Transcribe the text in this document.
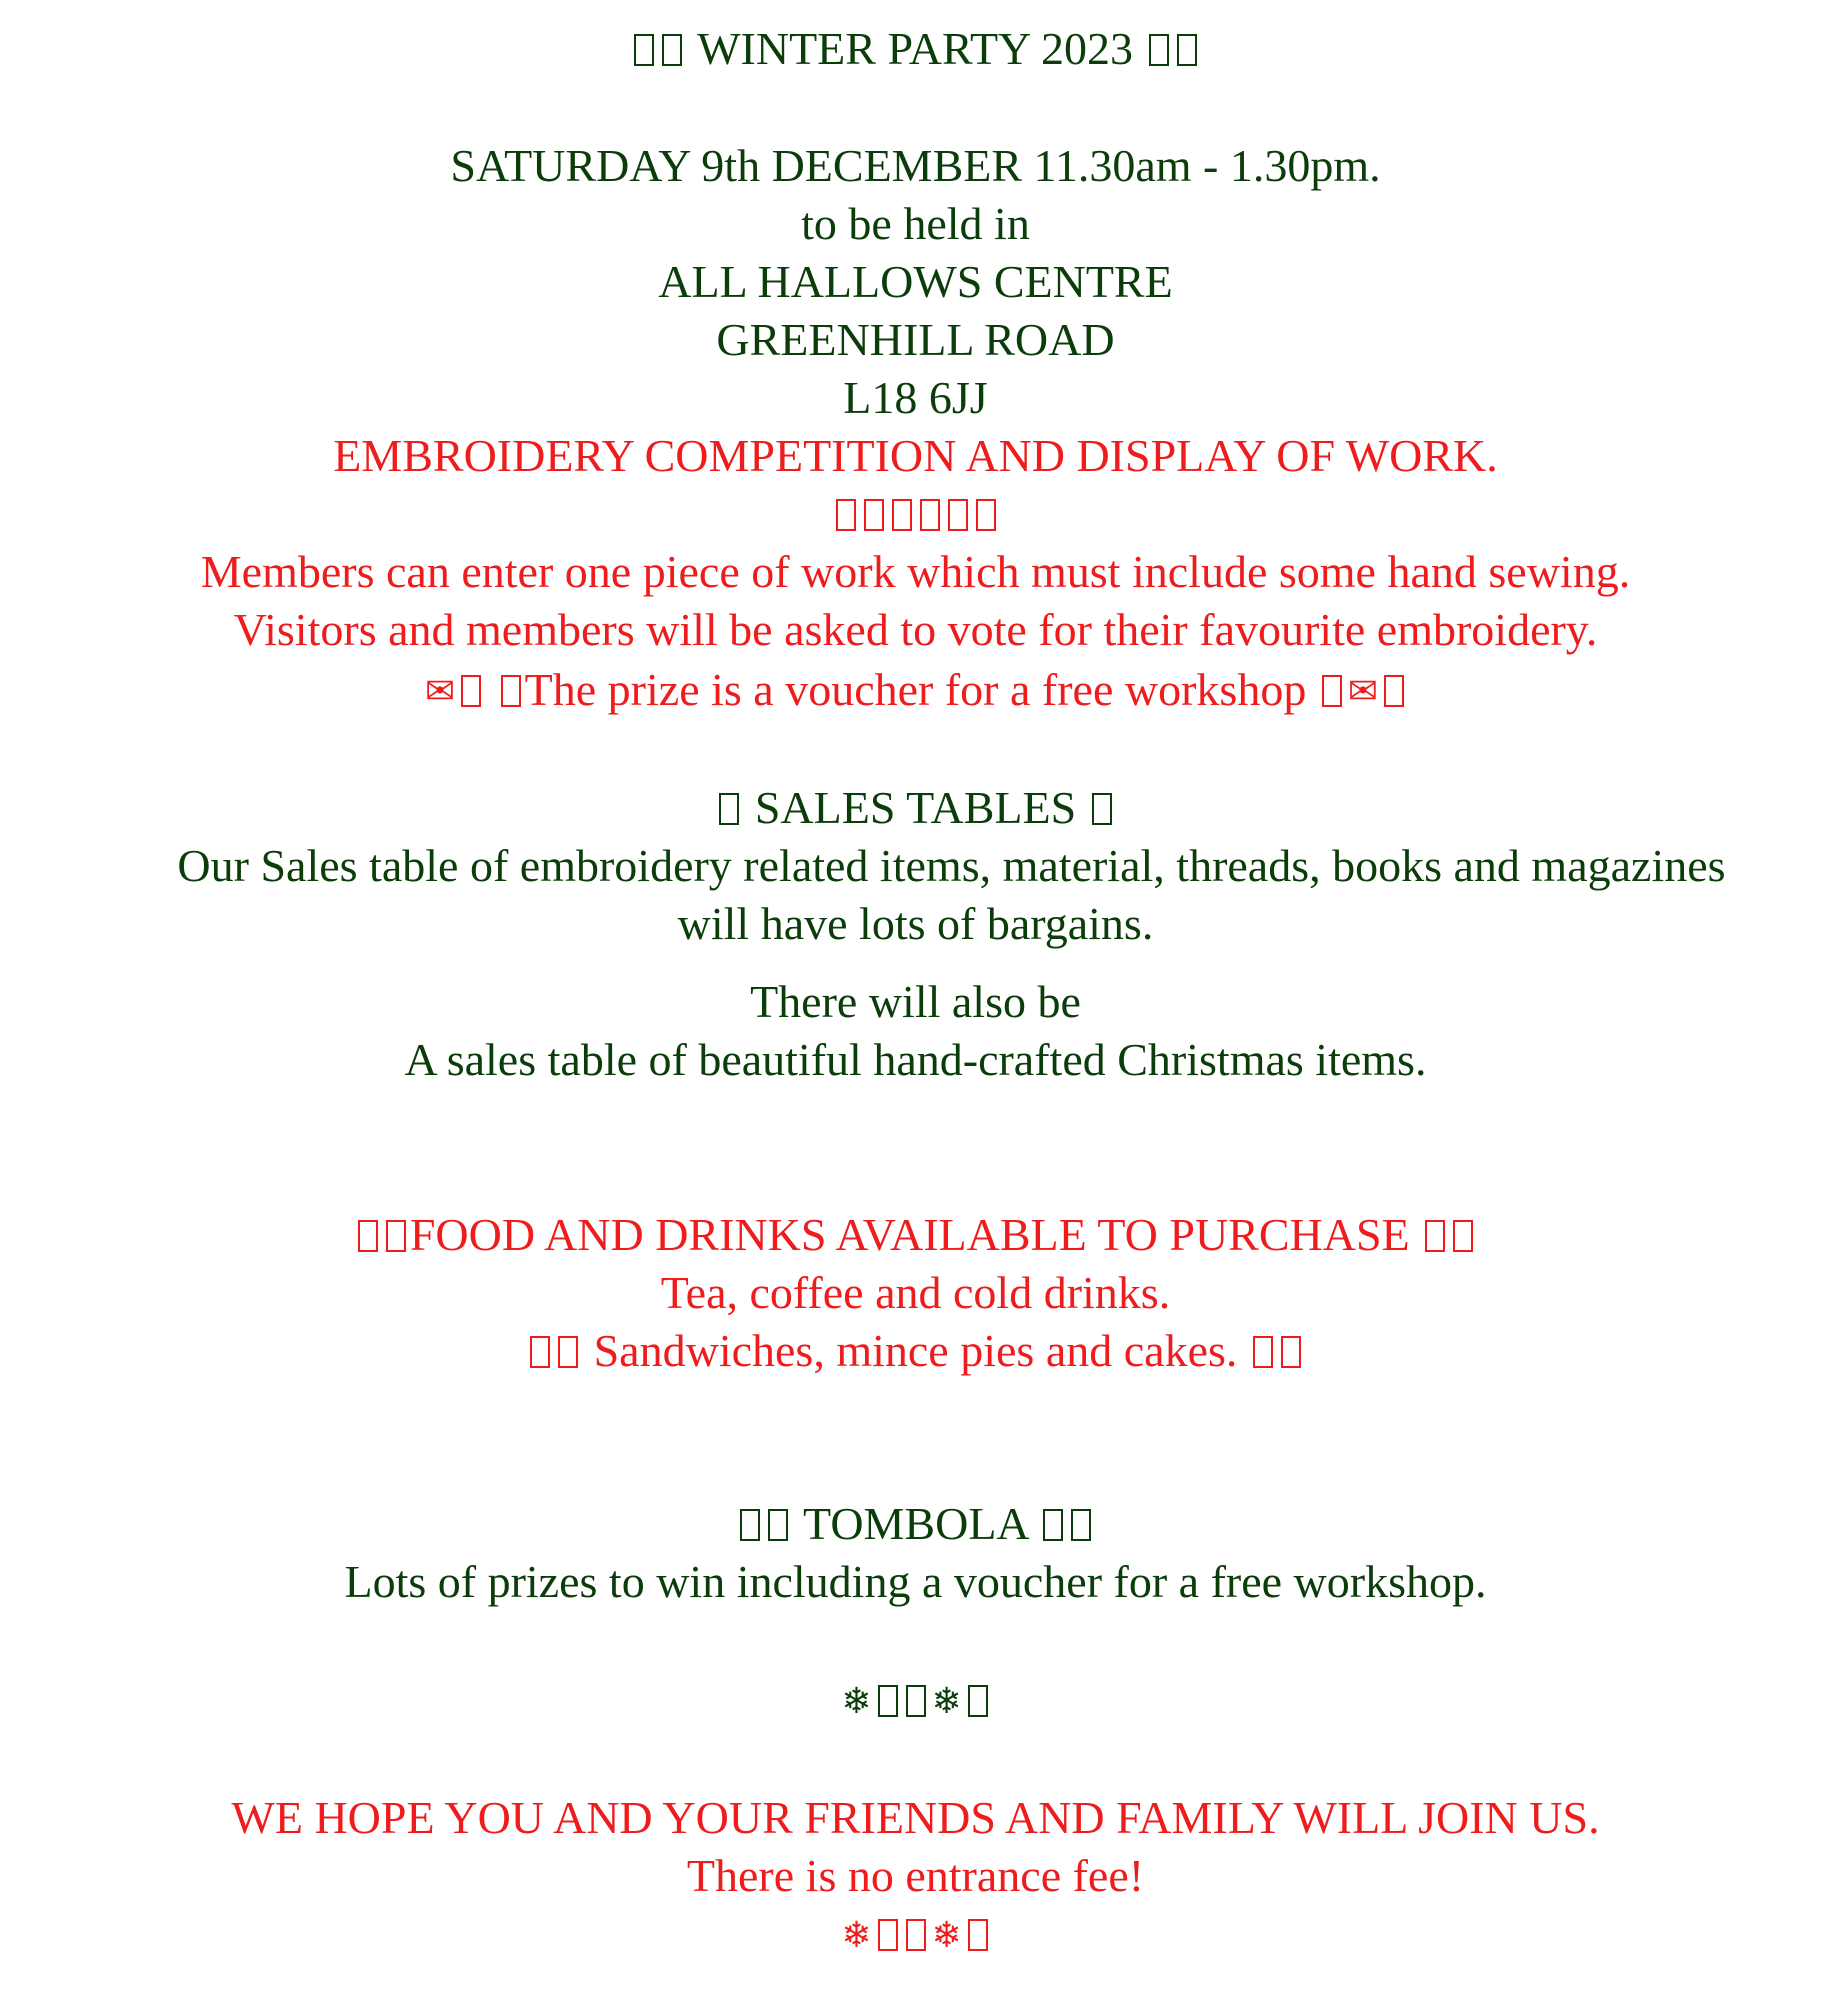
WINTER PARTY 2023
SATURDAY 9th DECEMBER 11.30am - 1.30pm.
to be held in
ALL HALLOWS CENTRE
GREENHILL ROAD
L18 6JJ
EMBROIDERY COMPETITION AND DISPLAY OF WORK.
Members can enter one piece of work which must include some hand sewing.
Visitors and members will be asked to vote for their favourite embroidery.
✉ The prize is a voucher for a free workshop ✉
SALES TABLES
Our Sales table of embroidery related items, material, threads, books and magazines
will have lots of bargains.
There will also be
A sales table of beautiful hand-crafted Christmas items.
FOOD AND DRINKS AVAILABLE TO PURCHASE
Tea, coffee and cold drinks.
Sandwiches, mince pies and cakes.
TOMBOLA
Lots of prizes to win including a voucher for a free workshop.
❄ ❄
WE HOPE YOU AND YOUR FRIENDS AND FAMILY WILL JOIN US.
There is no entrance fee!
❄ ❄
